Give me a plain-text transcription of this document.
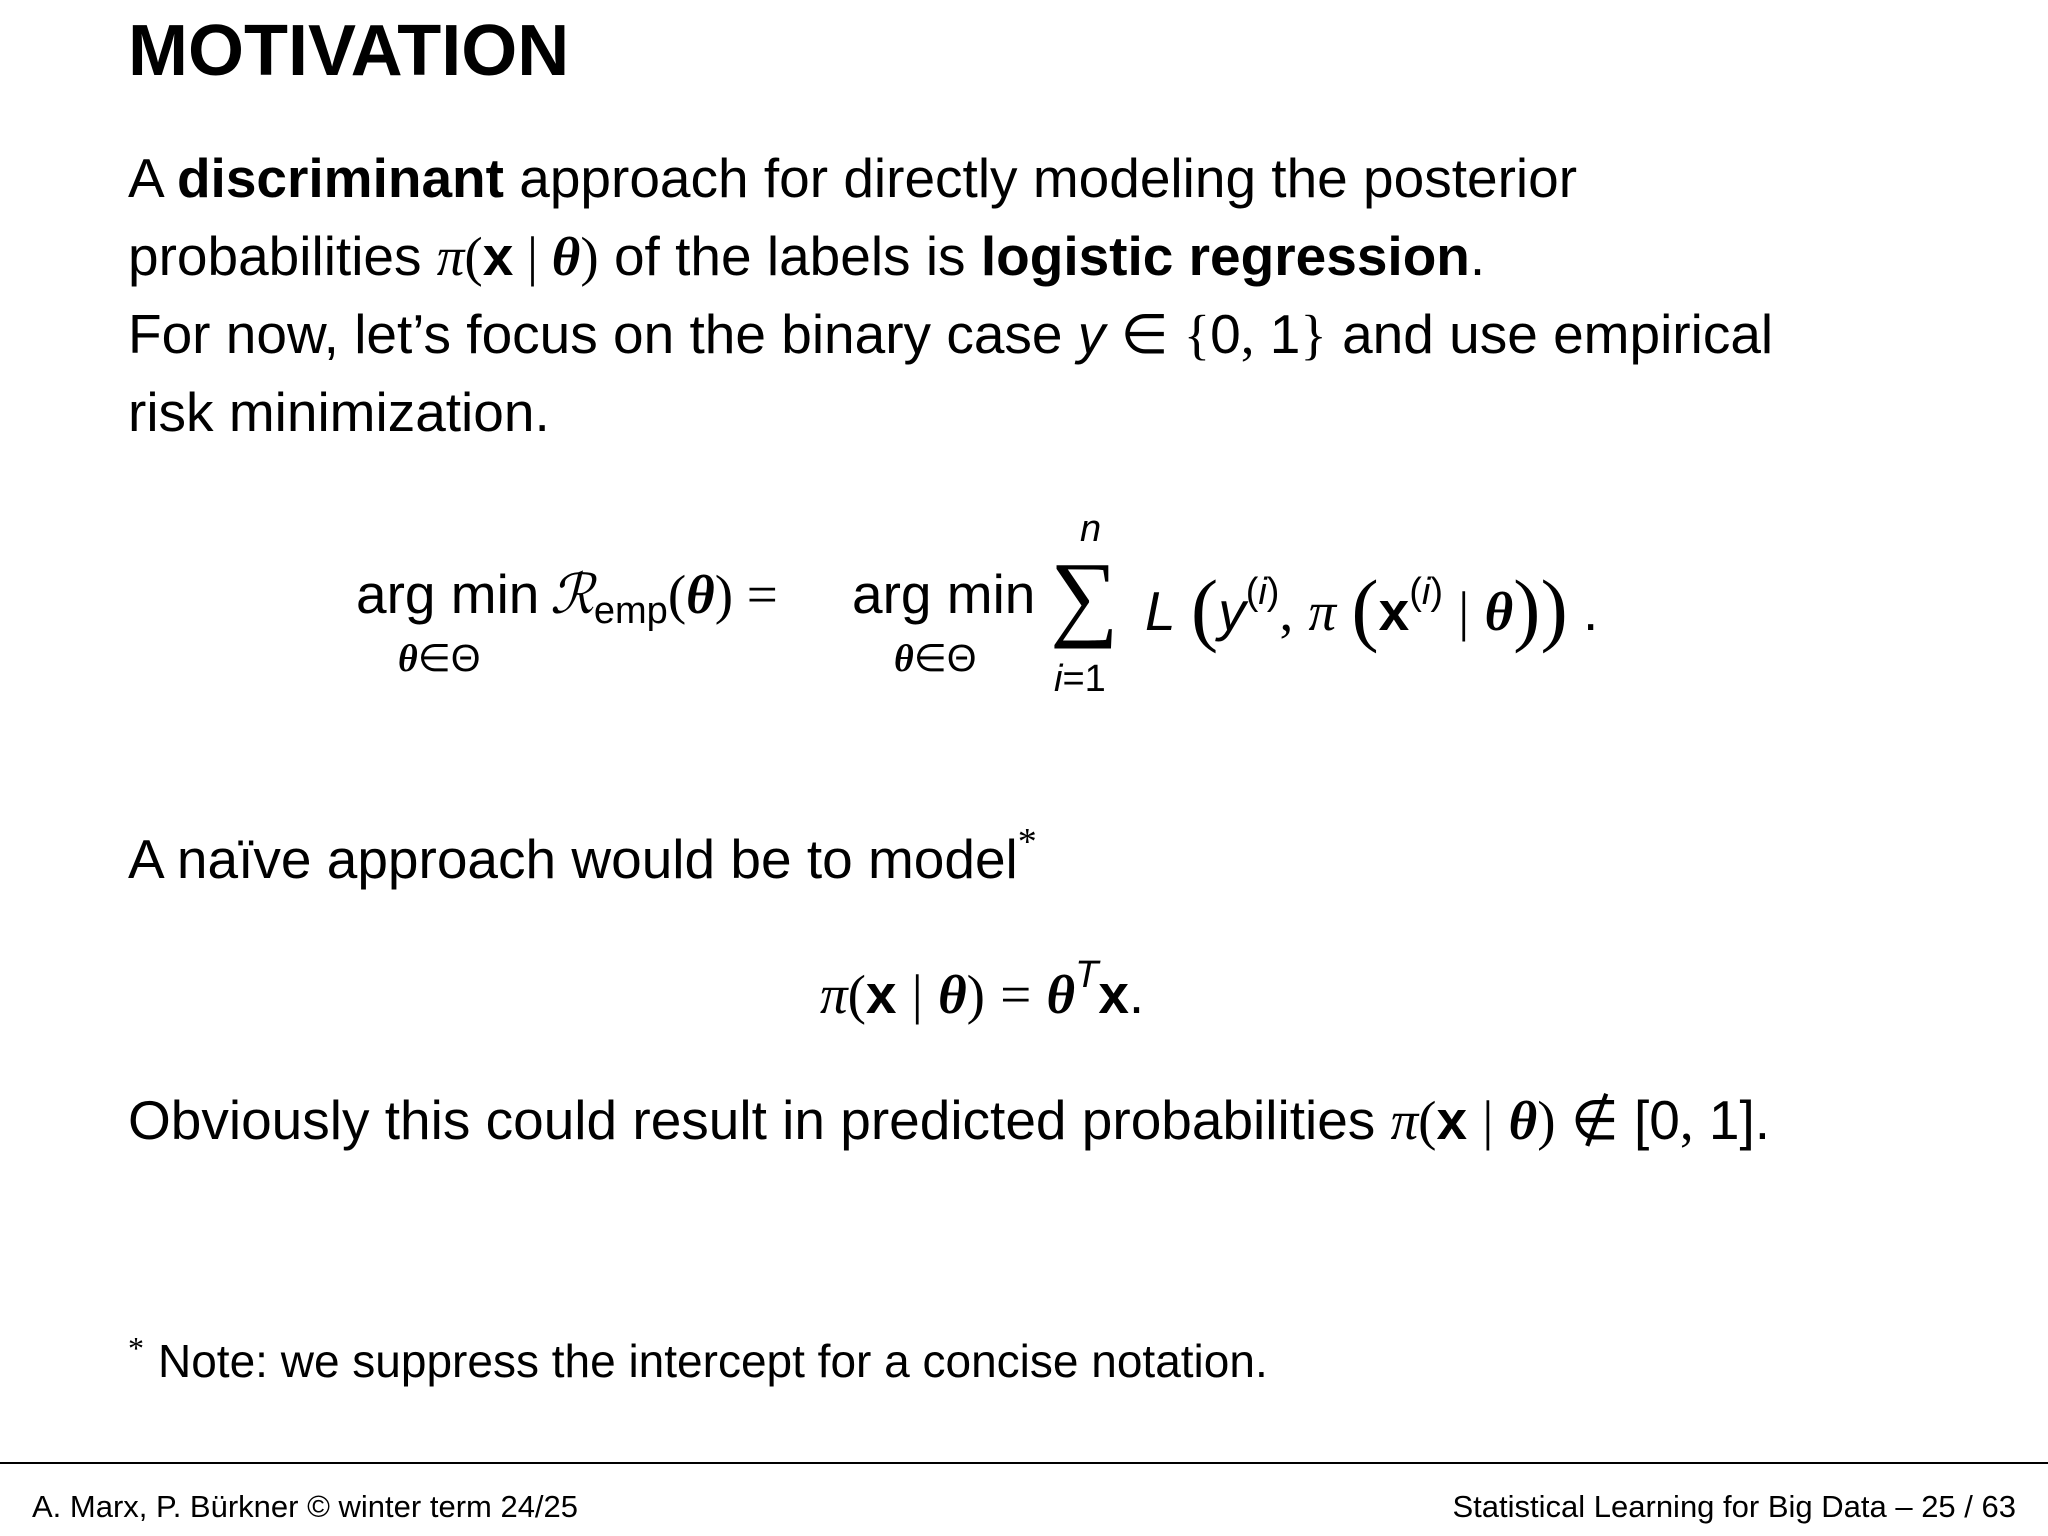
MOTIVATION
A discriminant approach for directly modeling the posterior
probabilities π(x | θ) of the labels is logistic regression.
For now, let’s focus on the binary case y ∈ {0, 1} and use empirical
risk minimization.
arg min
θ∈Θ
ℛemp(θ) = arg min
θ∈Θ
n
∑
i=1
L ($y^{(i)}$, π ($x^{(i)}$ | θ)) .
A naïve approach would be to model*
π(x | $\theta) = \theta^Tx$.
Obviously this could result in predicted probabilities π(x | θ) ∉ [0, 1].
* Note: we suppress the intercept for a concise notation.
A. Marx, P. Bürkner © winter term 24/25	Statistical Learning for Big Data – 25 / 63
